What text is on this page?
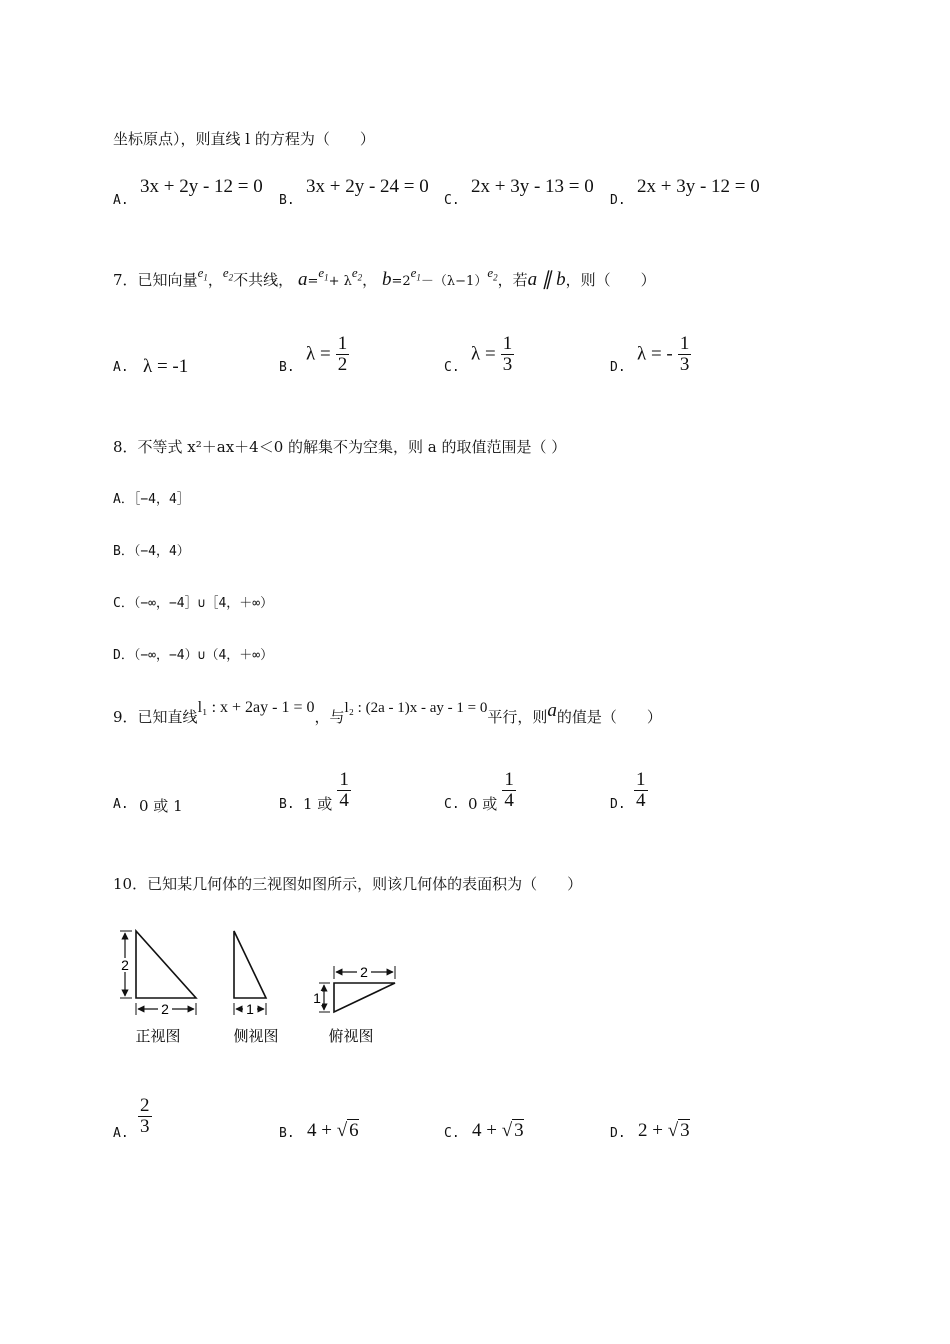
坐标原点），则直线 l 的方程为（　　）
A.
3x + 2y - 12 = 0
B.
3x + 2y - 24 = 0
C.
2x + 3y - 13 = 0
D.
2x + 3y - 12 = 0
7．已知向量$e_1$，$e_2$不共线， $a=e_1+ \lambda e_2$， $b=2e_1-(\lambda-1)e_2$，若a ∥ b，则（　　）
A. λ = -1	B.
$\lambda = \frac{1}{2}$	C.
$\lambda = \frac{1}{3}$	D.
λ = - $\frac{1}{3}$
8．不等式 x²＋ax＋4＜0 的解集不为空集，则 a 的取值范围是（ ）
A．［−4，4］
B．（−4，4）
C．（−∞，−4］∪［4，＋∞）
D．（−∞，−4）∪（4，＋∞）
9．已知直线l₁ : x + 2ay - 1 = 0，与l₂ : (2a - 1)x - ay - 1 = 0平行，则a的值是（　　）
A. 0 或 1	B. 1 或 $\frac{1}{4}$	C. 0 或 $\frac{1}{4}$	D. $\frac{1}{4}$
10．已知某几何体的三视图如图所示，则该几何体的表面积为（　　）
2
2
正视图
1
侧视图
2
1
俯视图
A. $\frac{2}{3}$	B. 4 + √ 6	C. 4 + √ 3	D. 2 + √ 3
